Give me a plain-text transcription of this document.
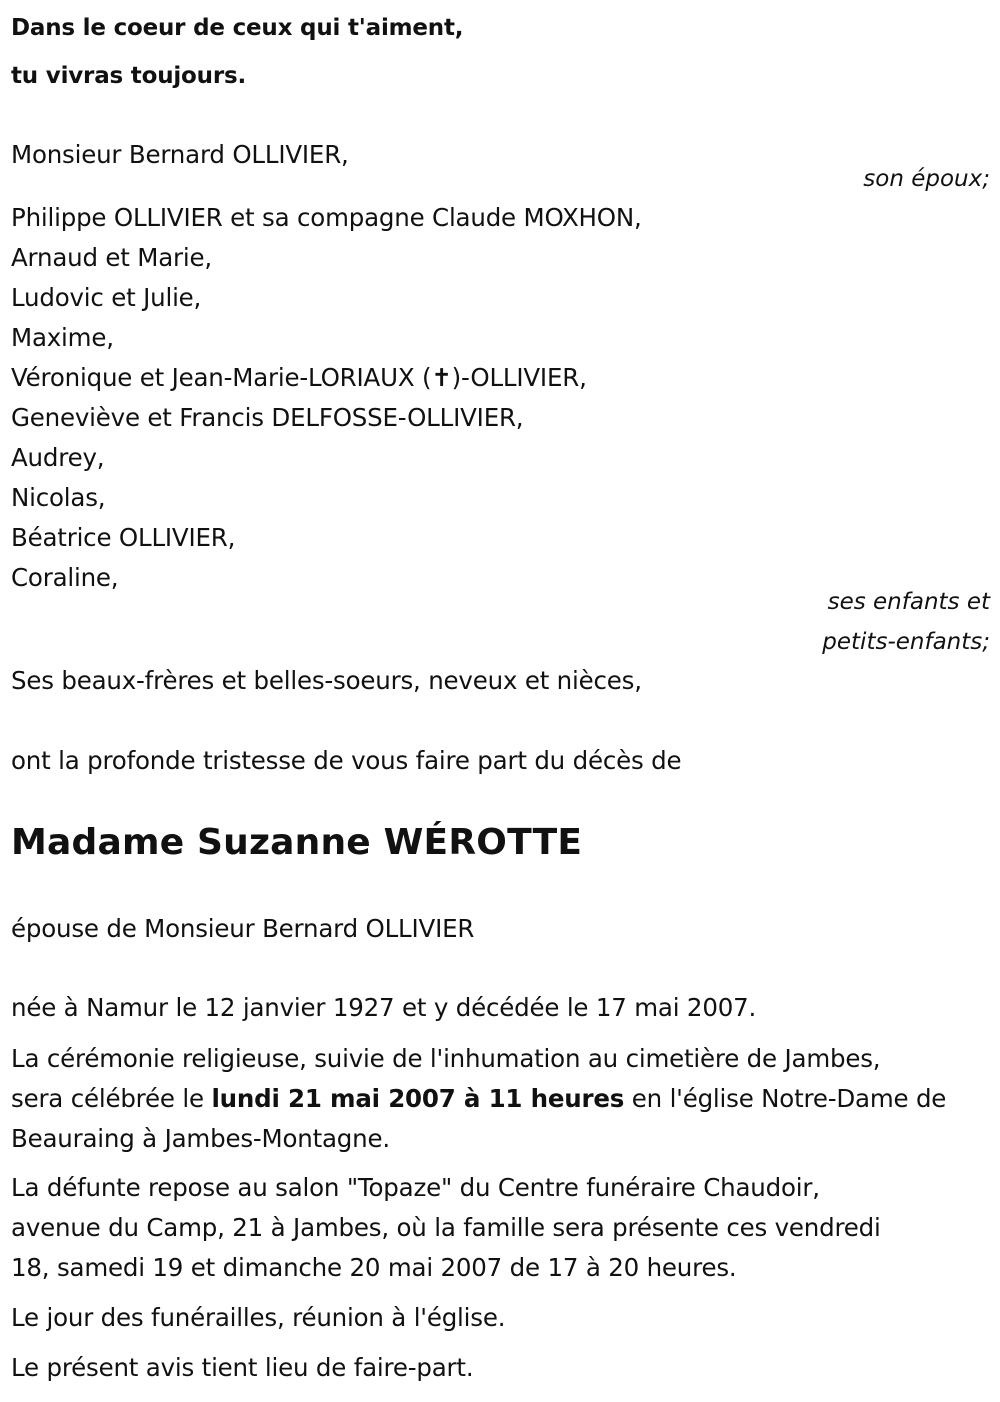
Dans le coeur de ceux qui t'aiment,
tu vivras toujours.
Monsieur Bernard OLLIVIER,
son époux;
Philippe OLLIVIER et sa compagne Claude MOXHON,
Arnaud et Marie,
Ludovic et Julie,
Maxime,
Véronique et Jean-Marie-LORIAUX (✝)-OLLIVIER,
Geneviève et Francis DELFOSSE-OLLIVIER,
Audrey,
Nicolas,
Béatrice OLLIVIER,
Coraline,
ses enfants et
petits-enfants;
Ses beaux-frères et belles-soeurs, neveux et nièces,
ont la profonde tristesse de vous faire part du décès de
Madame Suzanne WÉROTTE
épouse de Monsieur Bernard OLLIVIER
née à Namur le 12 janvier 1927 et y décédée le 17 mai 2007.
La cérémonie religieuse, suivie de l'inhumation au cimetière de Jambes,
sera célébrée le lundi 21 mai 2007 à 11 heures en l'église Notre-Dame de
Beauraing à Jambes-Montagne.
La défunte repose au salon "Topaze" du Centre funéraire Chaudoir,
avenue du Camp, 21 à Jambes, où la famille sera présente ces vendredi
18, samedi 19 et dimanche 20 mai 2007 de 17 à 20 heures.
Le jour des funérailles, réunion à l'église.
Le présent avis tient lieu de faire-part.
